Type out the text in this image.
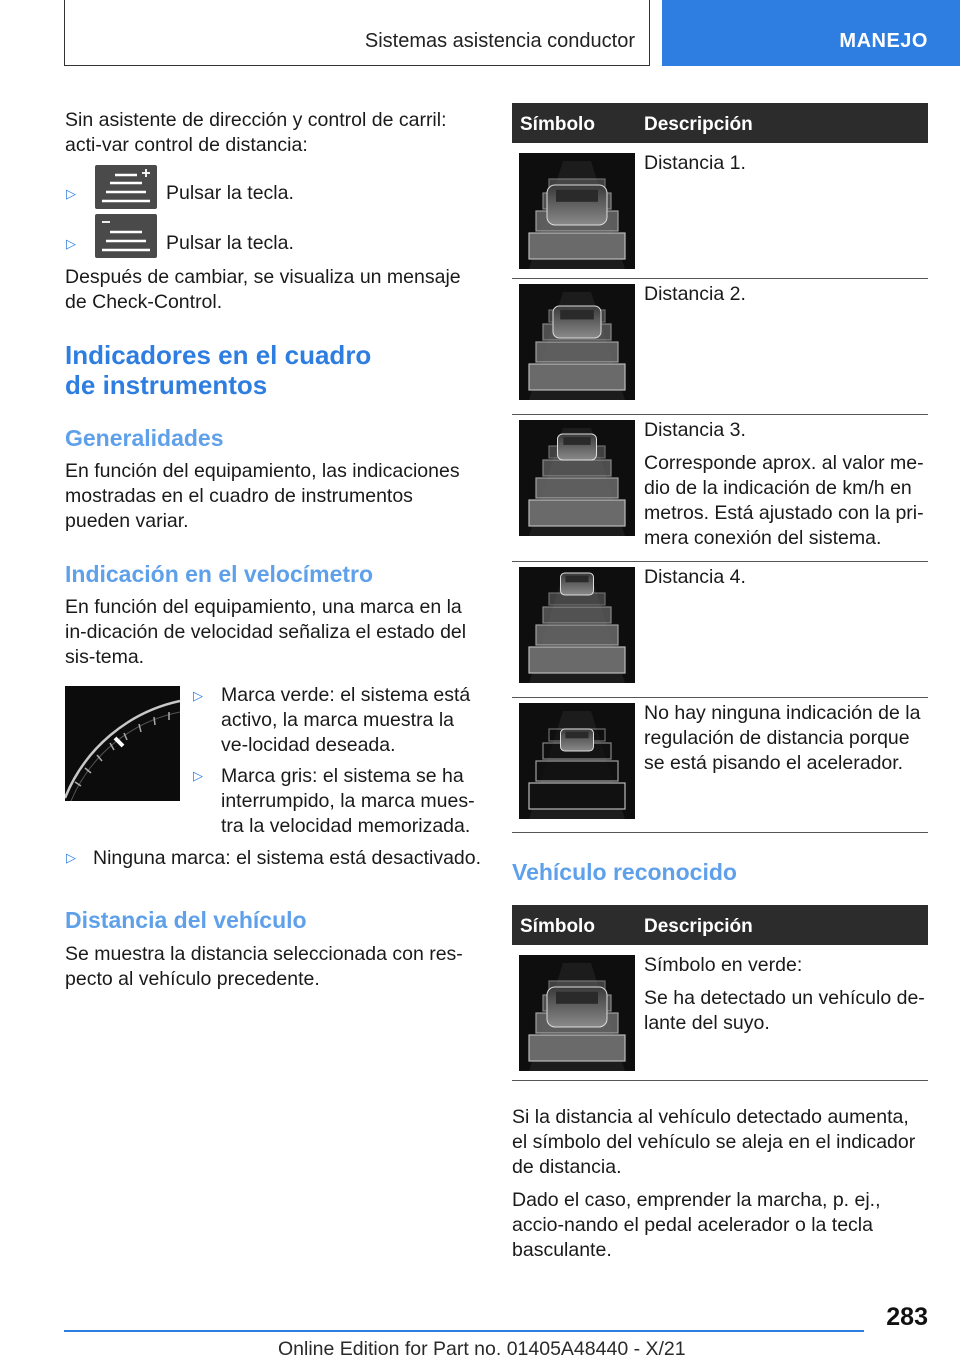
Sistemas asistencia conductor	MANEJO
Sin asistente de dirección y control de carril: acti-var control de distancia:
▷	Pulsar la tecla.
▷	Pulsar la tecla.
Después de cambiar, se visualiza un mensaje de Check-Control.
Indicadores en el cuadro de instrumentos
Generalidades
En función del equipamiento, las indicaciones mostradas en el cuadro de instrumentos pueden variar.
Indicación en el velocímetro
En función del equipamiento, una marca en la in-dicación de velocidad señaliza el estado del sis-tema.
▷ Marca verde: el sistema está activo, la marca muestra la ve-locidad deseada.
▷ Marca gris: el sistema se ha interrumpido, la marca mues-tra la velocidad memorizada.
▷ Ninguna marca: el sistema está desactivado.
Distancia del vehículo
Se muestra la distancia seleccionada con res-pecto al vehículo precedente.
Símbolo	Descripción

Distancia 1.

Distancia 2.

Distancia 3.

Corresponde aprox. al valor me-dio de la indicación de km/h en metros. Está ajustado con la pri-mera conexión del sistema.

Distancia 4.

No hay ninguna indicación de la regulación de distancia porque se está pisando el acelerador.

Vehículo reconocido
Símbolo	Descripción

Símbolo en verde:

Se ha detectado un vehículo de-lante del suyo.

Si la distancia al vehículo detectado aumenta, el símbolo del vehículo se aleja en el indicador de distancia.
Dado el caso, emprender la marcha, p. ej., accio-nando el pedal acelerador o la tecla basculante.
283
Online Edition for Part no. 01405A48440 - X/21
